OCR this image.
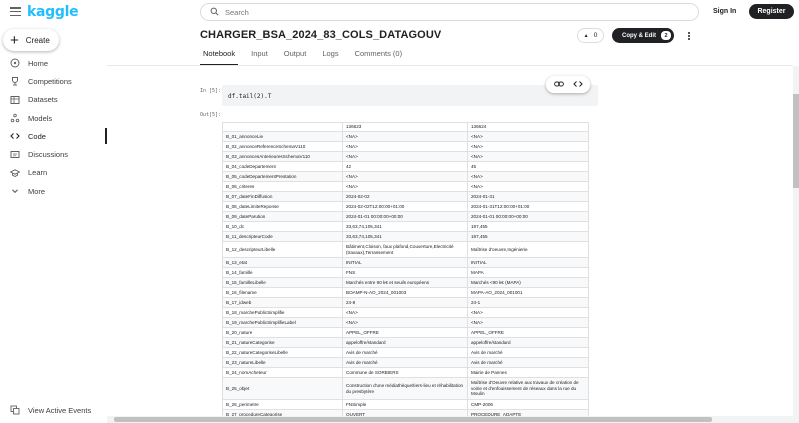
kaggle
+ Create
Home
Competitions
Datasets
Models
Code
Discussions
Learn
More
View Active Events
Search
Sign In	Register
CHARGER_BSA_2024_83_COLS_DATAGOUV	▲ 0	Copy & Edit	2
Notebook	Input	Output	Logs	Comments (0)
In [5]:
df.tail(2).T
Out[5]:
	136623	136624
B_01_annonceLie	<NA>	<NA>
B_02_annonceReferenceSchemaV110	<NA>	<NA>
B_03_annoncesAnterieuresSchemaV110	<NA>	<NA>
B_04_codeDepartement	42	45
B_05_codeDepartementPrestation	<NA>	<NA>
B_06_criteres	<NA>	<NA>
B_07_dateFinDiffusion	2024-02-02	2024-01-31
B_08_dateLimiteReponse	2024-02-02T12:00:00+01:00	2024-01-31T12:00:00+01:00
B_09_dateParution	2024-01-01 00:00:00+00:00	2024-01-01 00:00:00+00:00
B_10_dc	33,63,74,105,341	197,455
B_11_descripteurCode	33,63,74,105,341	197,455
B_12_descripteurLibelle	Bâtiment,Cloison, faux plafond,Couverture,Electricité (travaux),Terrassement	Maîtrise d'oeuvre,Ingénierie
B_13_etat	INITIAL	INITIAL
B_14_famille	FNS	MAPA
B_15_familleLibelle	Marchés entre 90 k€ et seuils européens	Marchés <90 k€ (MAPA)
B_16_filename	BOAMP-N-AO_2024_001003	MAPA-AO_2024_001001
B_17_idweb	24-8	24-1
B_18_marchePublicSimplifie	<NA>	<NA>
B_19_marchePublicSimplifieLabel	<NA>	<NA>
B_20_nature	APPEL_OFFRE	APPEL_OFFRE
B_21_natureCategorise	appeloffre/standard	appeloffre/standard
B_22_natureCategoriseLibelle	Avis de marché	Avis de marché
B_23_natureLibelle	Avis de marché	Avis de marché
B_24_nomAcheteur	Commune de SORBIERS	Mairie de Pannes
B_25_objet	Construction d'une médiathèque/tiers-lieu et réhabilitation du presbytère	Maîtrise d'Oeuvre relative aux travaux de création de voirie et d'enfouissement de réseaux dans la rue du Moulin
B_26_perimetre	FNSimple	CMP-2006
B_27_procedureCategorise	OUVERT	PROCEDURE_ADAPTE
